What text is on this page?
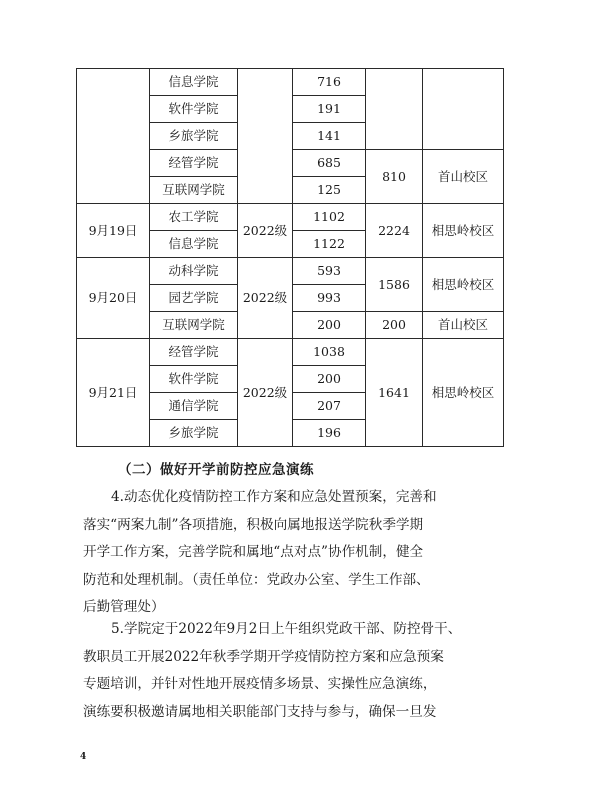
	信息学院		716		
	软件学院		191		
	乡旅学院		141		
	经管学院		685	810	首山校区
	互联网学院		125		
9月19日	农工学院	2022级	1102	2224	相思岭校区
	信息学院		1122		
9月20日	动科学院	2022级	593	1586	相思岭校区
	园艺学院		993		
	互联网学院		200	200	首山校区
9月21日	经管学院	2022级	1038	1641	相思岭校区
	软件学院		200		
	通信学院		207		
	乡旅学院		196		
（二）做好开学前防控应急演练
4.动态优化疫情防控工作方案和应急处置预案，完善和
落实“两案九制”各项措施，积极向属地报送学院秋季学期
开学工作方案，完善学院和属地“点对点”协作机制，健全
防范和处理机制。（责任单位：党政办公室、学生工作部、
后勤管理处）
5.学院定于2022年9月2日上午组织党政干部、防控骨干、
教职员工开展2022年秋季学期开学疫情防控方案和应急预案
专题培训，并针对性地开展疫情多场景、实操性应急演练，
演练要积极邀请属地相关职能部门支持与参与，确保一旦发
4
